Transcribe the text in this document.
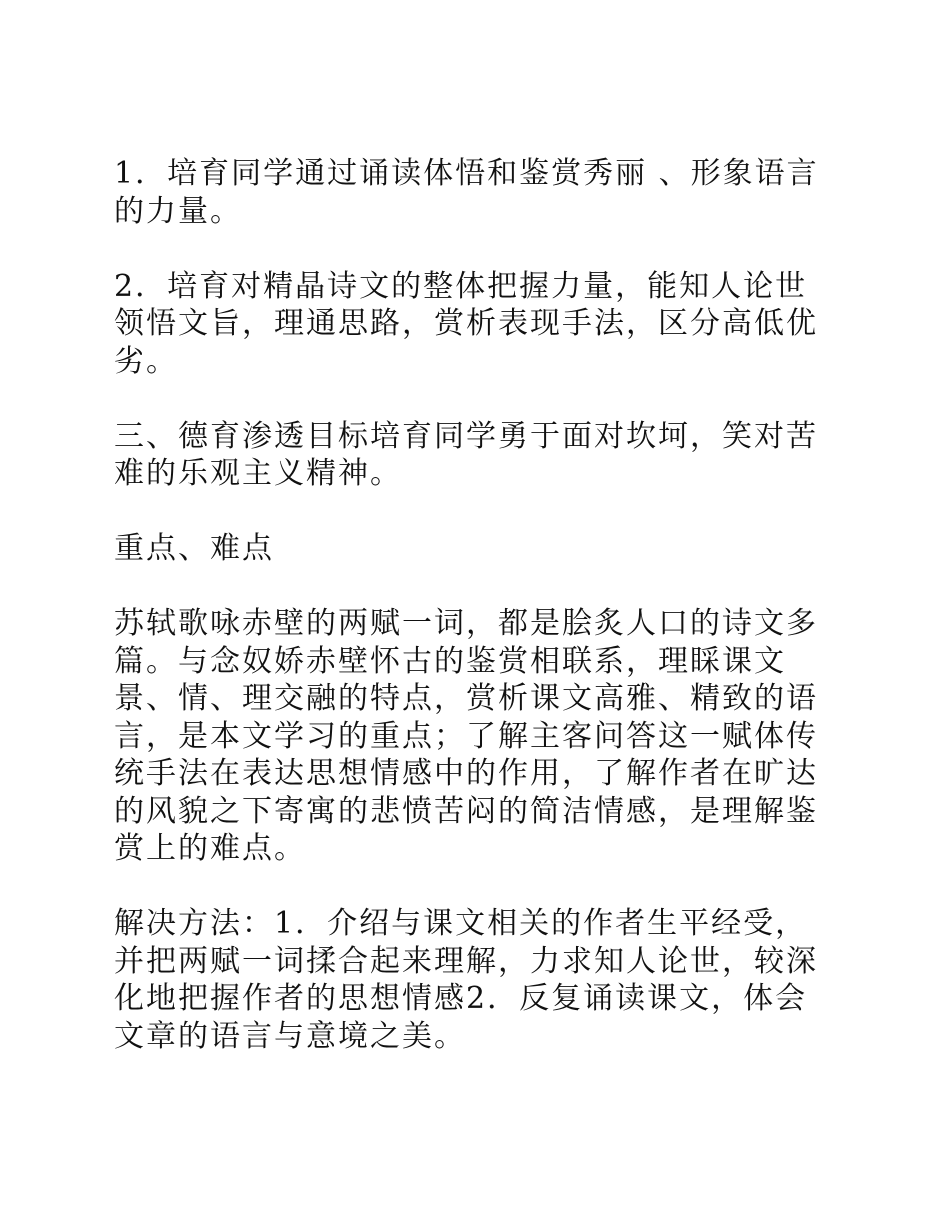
1．培育同学通过诵读体悟和鉴赏秀丽 、形象语言的力量。

2．培育对精晶诗文的整体把握力量，能知人论世领悟文旨，理通思路，赏析表现手法，区分高低优劣。

三、德育渗透目标培育同学勇于面对坎坷，笑对苦难的乐观主义精神。

重点、难点

苏轼歌咏赤壁的两赋一词，都是脍炙人口的诗文多篇。与念奴娇赤壁怀古的鉴赏相联系，理睬课文景、情、理交融的特点，赏析课文高雅、精致的语言，是本文学习的重点；了解主客问答这一赋体传统手法在表达思想情感中的作用，了解作者在旷达的风貌之下寄寓的悲愤苦闷的简洁情感，是理解鉴赏上的难点。

解决方法：1．介绍与课文相关的作者生平经受，并把两赋一词揉合起来理解，力求知人论世，较深化地把握作者的思想情感2．反复诵读课文，体会文章的语言与意境之美。
